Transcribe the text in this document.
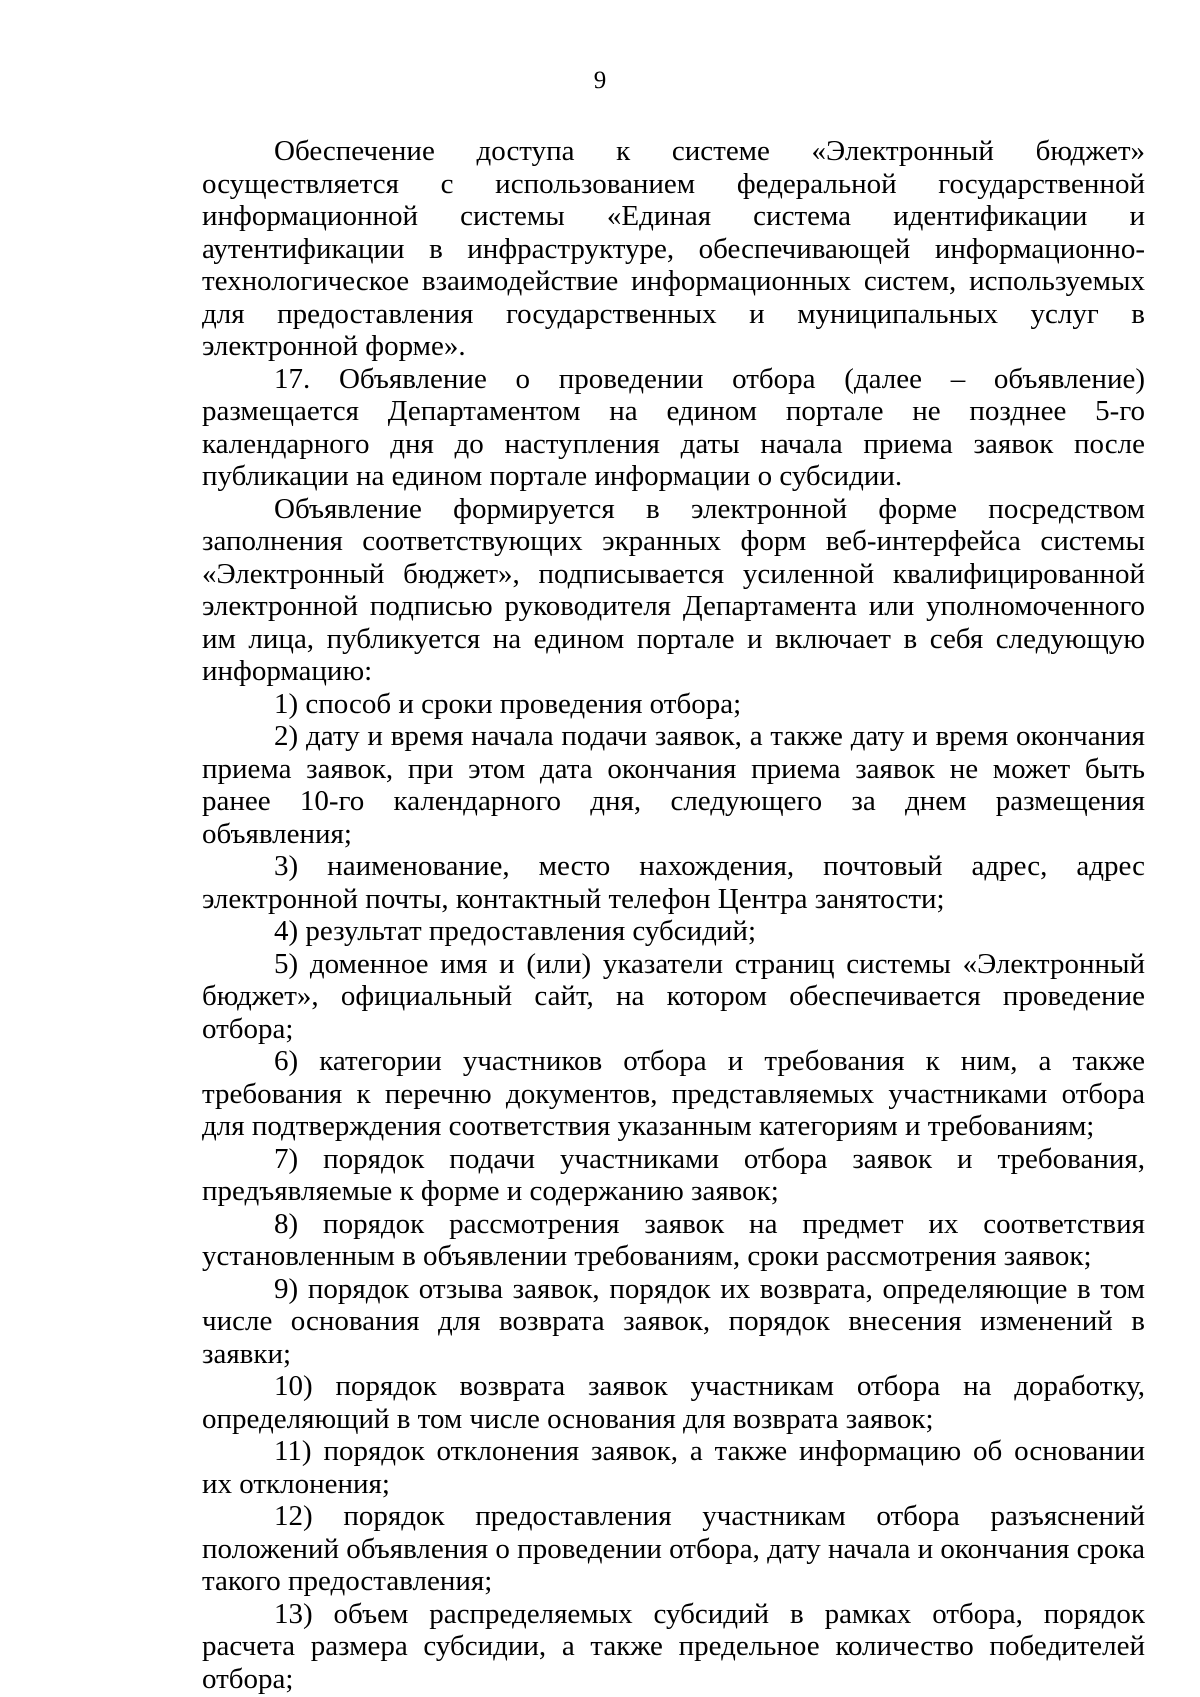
9

Обеспечение доступа к системе «Электронный бюджет» осуществляется с использованием федеральной государственной информационной системы «Единая система идентификации и аутентификации в инфраструктуре, обеспечивающей информационно-технологическое взаимодействие информационных систем, используемых для предоставления государственных и муниципальных услуг в электронной форме».

17. Объявление о проведении отбора (далее – объявление) размещается Департаментом на едином портале не позднее 5-го календарного дня до наступления даты начала приема заявок после публикации на едином портале информации о субсидии.

Объявление формируется в электронной форме посредством заполнения соответствующих экранных форм веб-интерфейса системы «Электронный бюджет», подписывается усиленной квалифицированной электронной подписью руководителя Департамента или уполномоченного им лица, публикуется на едином портале и включает в себя следующую информацию:

1) способ и сроки проведения отбора;

2) дату и время начала подачи заявок, а также дату и время окончания приема заявок, при этом дата окончания приема заявок не может быть ранее 10-го календарного дня, следующего за днем размещения объявления;

3) наименование, место нахождения, почтовый адрес, адрес электронной почты, контактный телефон Центра занятости;

4) результат предоставления субсидий;

5) доменное имя и (или) указатели страниц системы «Электронный бюджет», официальный сайт, на котором обеспечивается проведение отбора;

6) категории участников отбора и требования к ним, а также требования к перечню документов, представляемых участниками отбора для подтверждения соответствия указанным категориям и требованиям;

7) порядок подачи участниками отбора заявок и требования, предъявляемые к форме и содержанию заявок;

8) порядок рассмотрения заявок на предмет их соответствия установленным в объявлении требованиям, сроки рассмотрения заявок;

9) порядок отзыва заявок, порядок их возврата, определяющие в том числе основания для возврата заявок, порядок внесения изменений в заявки;

10) порядок возврата заявок участникам отбора на доработку, определяющий в том числе основания для возврата заявок;

11) порядок отклонения заявок, а также информацию об основании их отклонения;

12) порядок предоставления участникам отбора разъяснений положений объявления о проведении отбора, дату начала и окончания срока такого предоставления;

13) объем распределяемых субсидий в рамках отбора, порядок расчета размера субсидии, а также предельное количество победителей отбора;
